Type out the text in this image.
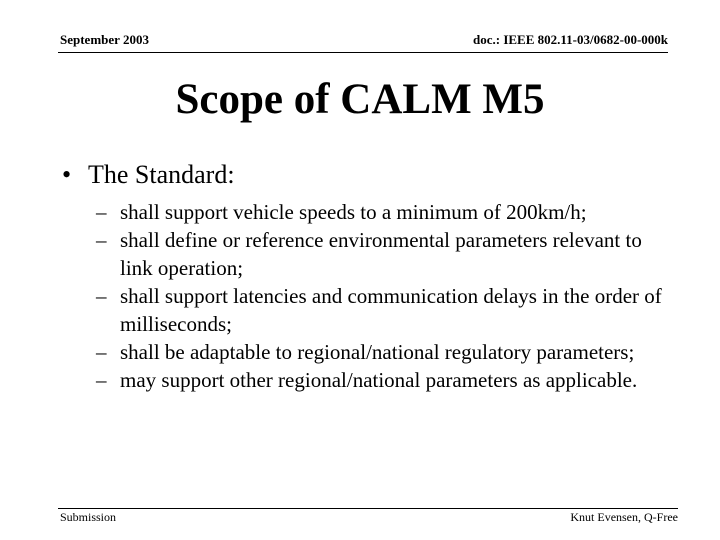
September 2003	doc.: IEEE 802.11-03/0682-00-000k
Scope of CALM M5
• The Standard:
– shall support vehicle speeds to a minimum of 200km/h;
– shall define or reference environmental parameters relevant to link operation;
– shall support latencies and communication delays in the order of milliseconds;
– shall be adaptable to regional/national regulatory parameters;
– may support other regional/national parameters as applicable.
Submission	Knut Evensen, Q-Free
